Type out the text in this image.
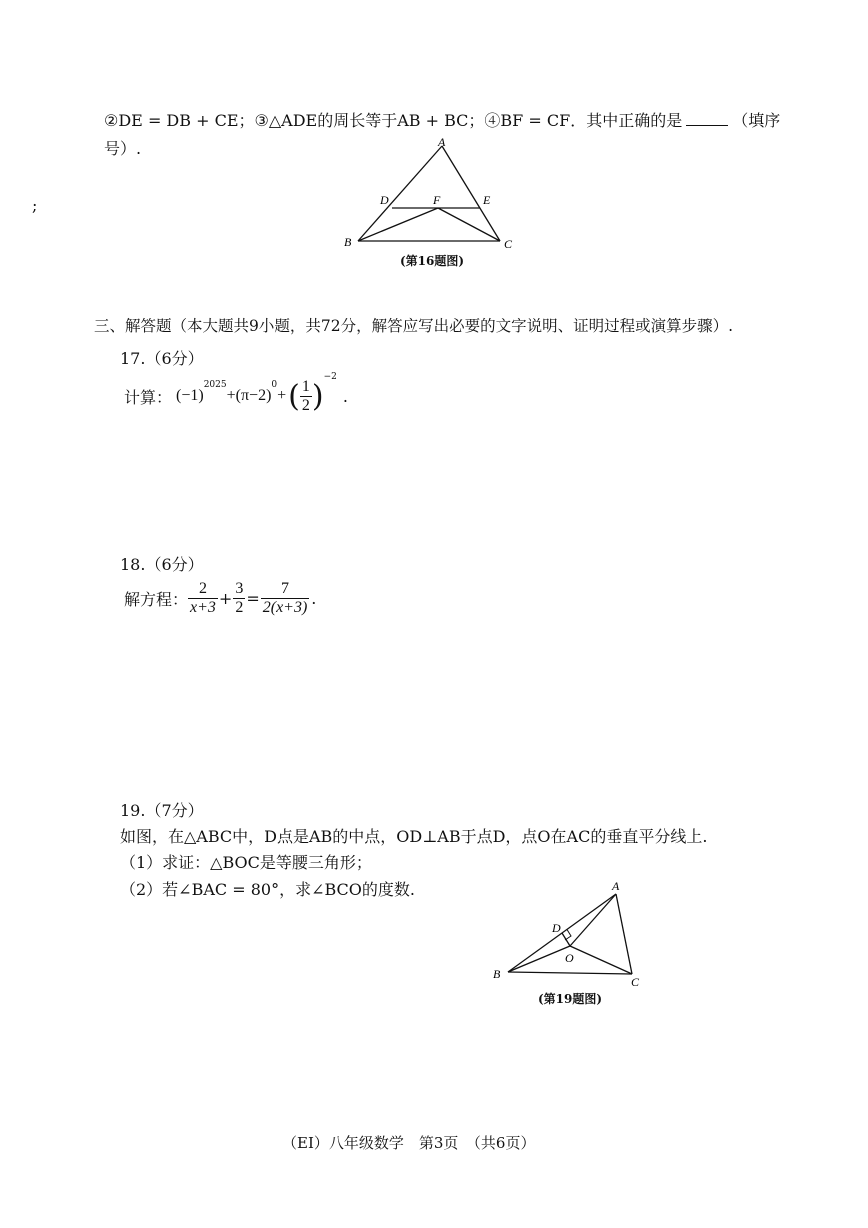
②DE = DB + CE；③△ADE的周长等于AB + BC；④BF = CF．其中正确的是	（填序
号）.
;
A
D	F	E
B	C
(第16题图)
三、解答题（本大题共9小题，共72分，解答应写出必要的文字说明、证明过程或演算步骤）.
17.（6分）
计算： (−1)
$^{2025}$
+(π−2)
$^0$
+ ( $\frac{1}{2}$ )
$^{-2}$
.
18.（6分）
解方程： $\frac{2}{x+3} + \frac{3}{2} = \frac{7}{2(x+3)}$ .
19.（7分）
如图，在△ABC中，D点是AB的中点，OD⊥AB于点D，点O在AC的垂直平分线上.
（1）求证：△BOC是等腰三角形；
（2）若∠BAC = 80°，求∠BCO的度数.	A
D
O
B
C
(第19题图)
（EI）八年级数学　第3页　（共6页）
